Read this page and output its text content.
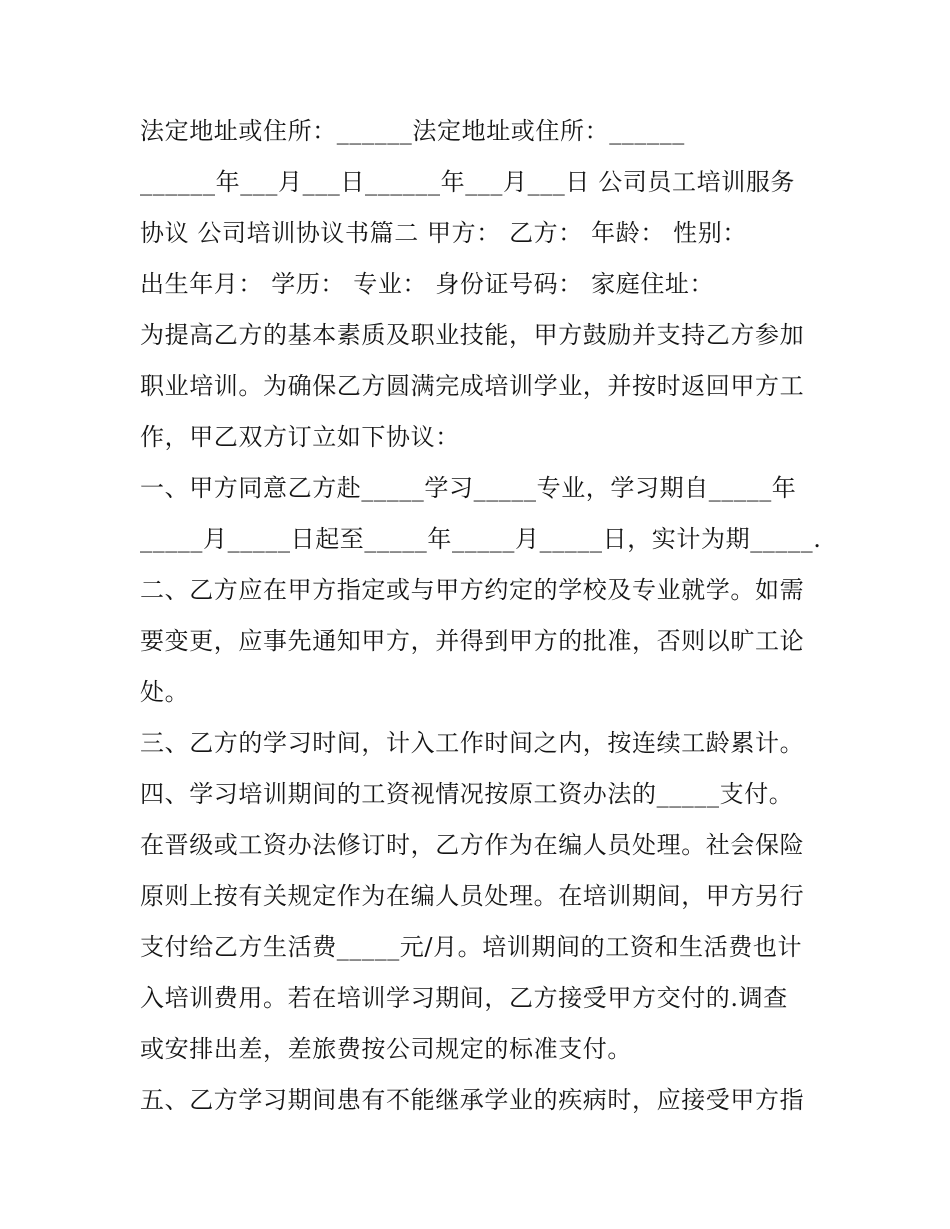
法定地址或住所：______法定地址或住所：______
______年___月___日______年___月___日 公司员工培训服务
协议 公司培训协议书篇二 甲方： 乙方： 年龄： 性别：
出生年月： 学历： 专业： 身份证号码： 家庭住址：
为提高乙方的基本素质及职业技能，甲方鼓励并支持乙方参加
职业培训。为确保乙方圆满完成培训学业，并按时返回甲方工
作，甲乙双方订立如下协议：
一、甲方同意乙方赴_____学习_____专业，学习期自_____年
_____月_____日起至_____年_____月_____日，实计为期_____.
二、乙方应在甲方指定或与甲方约定的学校及专业就学。如需
要变更，应事先通知甲方，并得到甲方的批准，否则以旷工论
处。
三、乙方的学习时间，计入工作时间之内，按连续工龄累计。
四、学习培训期间的工资视情况按原工资办法的_____支付。
在晋级或工资办法修订时，乙方作为在编人员处理。社会保险
原则上按有关规定作为在编人员处理。在培训期间，甲方另行
支付给乙方生活费_____元/月。培训期间的工资和生活费也计
入培训费用。若在培训学习期间，乙方接受甲方交付的.调查
或安排出差，差旅费按公司规定的标准支付。
五、乙方学习期间患有不能继承学业的疾病时，应接受甲方指
